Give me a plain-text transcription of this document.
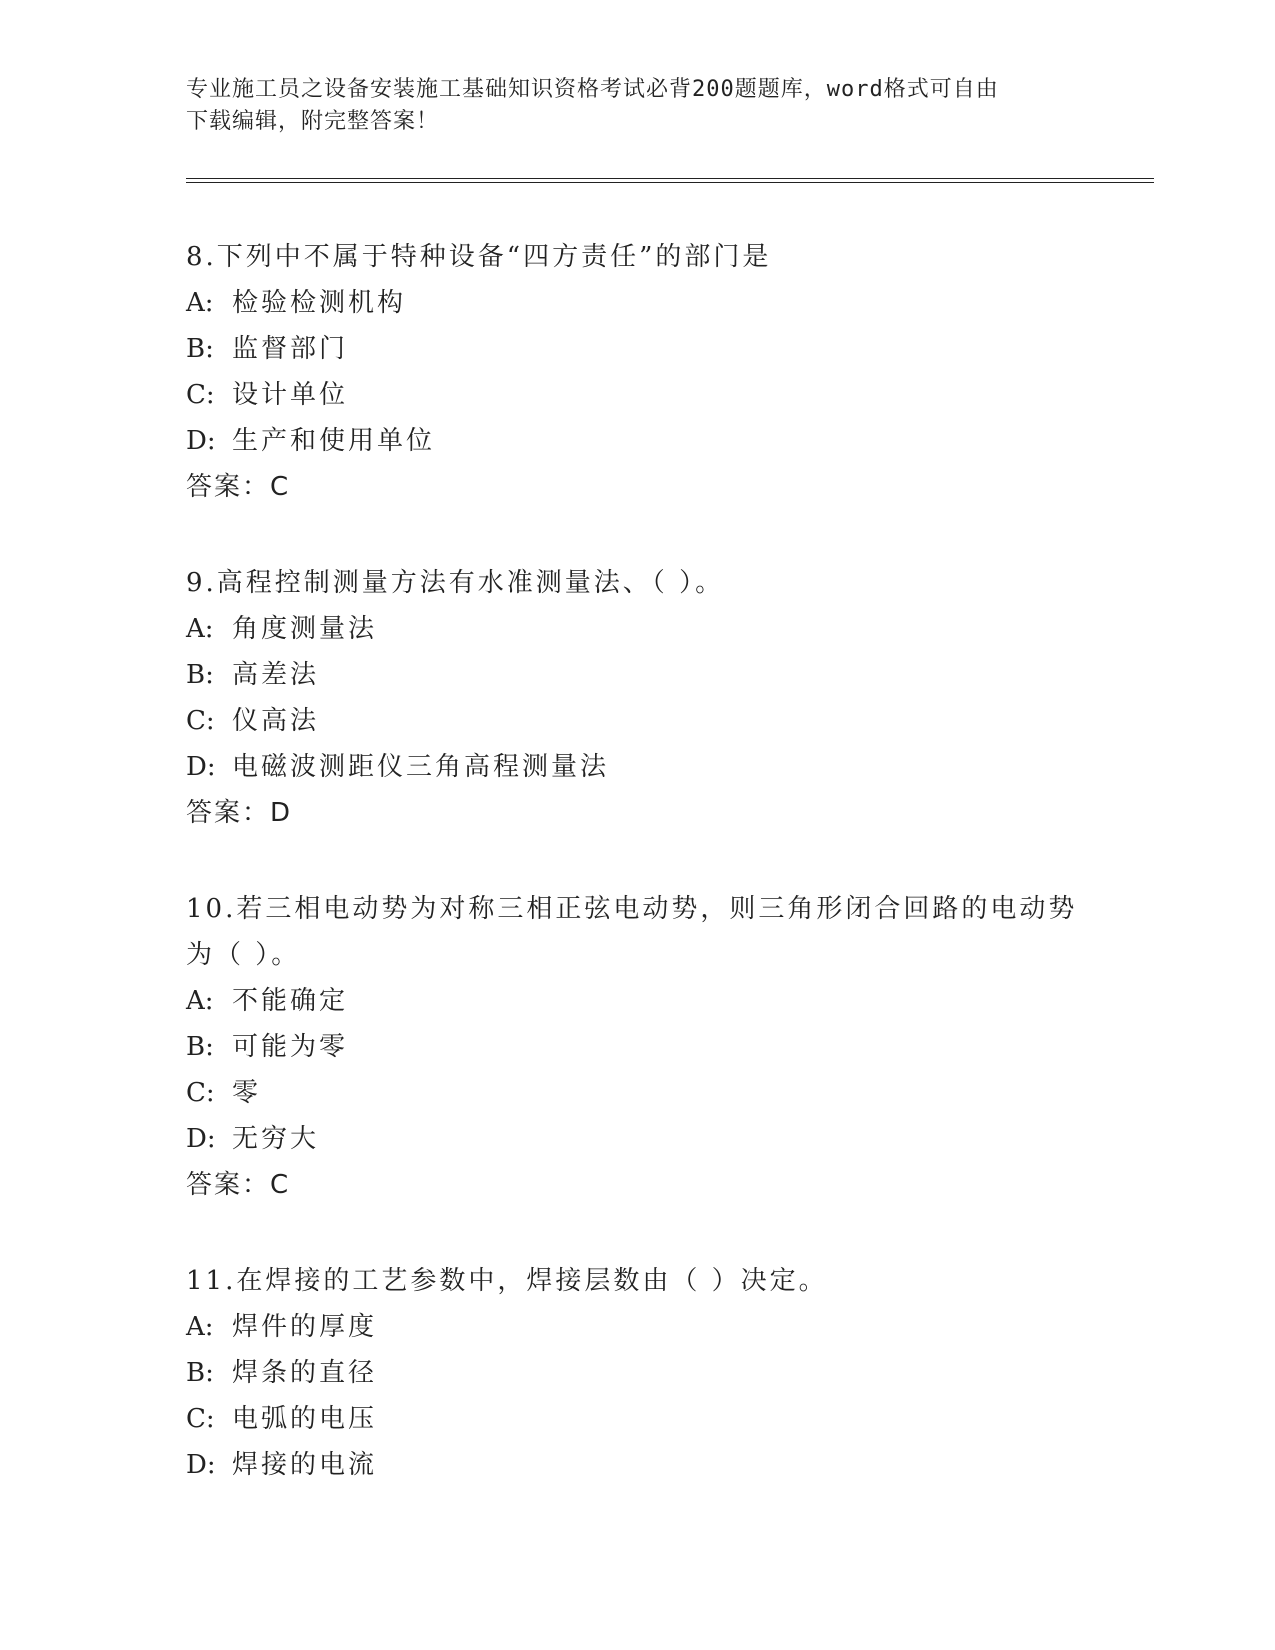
专业施工员之设备安装施工基础知识资格考试必背200题题库，word格式可自由
下载编辑，附完整答案！
8.下列中不属于特种设备“四方责任”的部门是
A: 检验检测机构
B: 监督部门
C: 设计单位
D: 生产和使用单位
答案：C
9.高程控制测量方法有水准测量法、（ ）。
A: 角度测量法
B: 高差法
C: 仪高法
D: 电磁波测距仪三角高程测量法
答案：D
10.若三相电动势为对称三相正弦电动势，则三角形闭合回路的电动势
为（ ）。
A: 不能确定
B: 可能为零
C: 零
D: 无穷大
答案：C
11.在焊接的工艺参数中，焊接层数由（ ）决定。
A: 焊件的厚度
B: 焊条的直径
C: 电弧的电压
D: 焊接的电流
